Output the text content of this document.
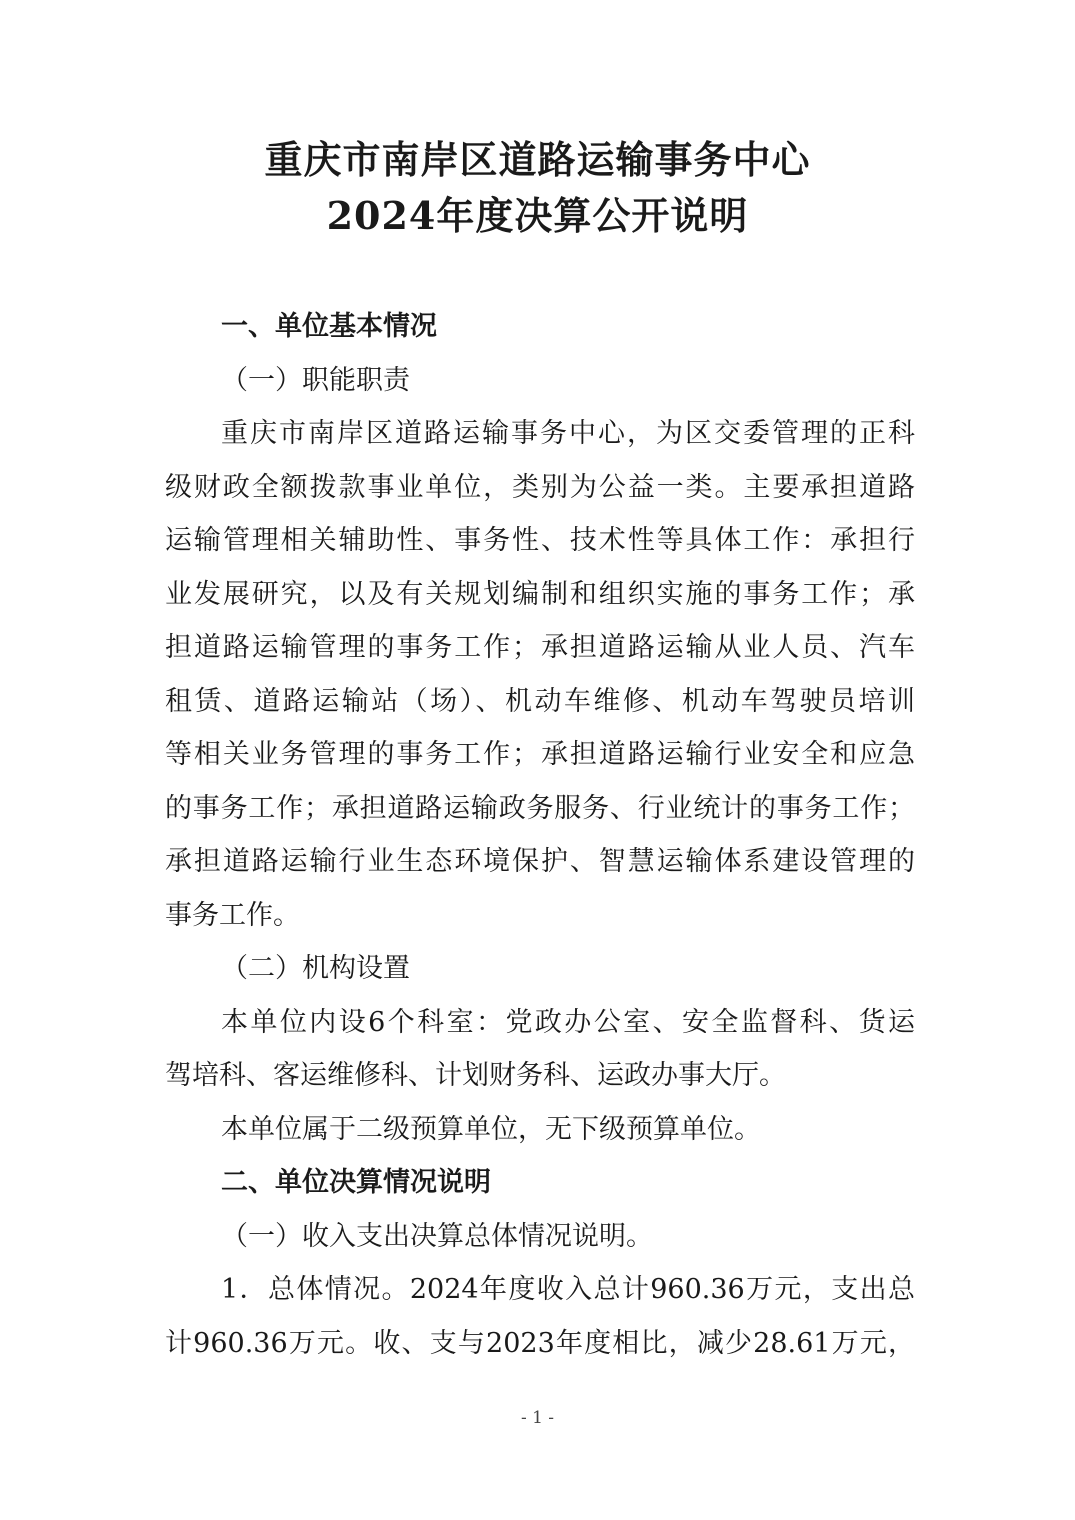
重庆市南岸区道路运输事务中心
2024年度决算公开说明
一、单位基本情况
（一）职能职责
重庆市南岸区道路运输事务中心，为区交委管理的正科
级财政全额拨款事业单位，类别为公益一类。主要承担道路
运输管理相关辅助性、事务性、技术性等具体工作：承担行
业发展研究，以及有关规划编制和组织实施的事务工作；承
担道路运输管理的事务工作；承担道路运输从业人员、汽车
租赁、道路运输站（场）、机动车维修、机动车驾驶员培训
等相关业务管理的事务工作；承担道路运输行业安全和应急
的事务工作；承担道路运输政务服务、行业统计的事务工作；
承担道路运输行业生态环境保护、智慧运输体系建设管理的
事务工作。
（二）机构设置
本单位内设6个科室：党政办公室、安全监督科、货运
驾培科、客运维修科、计划财务科、运政办事大厅。
本单位属于二级预算单位，无下级预算单位。
二、单位决算情况说明
（一）收入支出决算总体情况说明。
1．总体情况。2024年度收入总计960.36万元，支出总
计960.36万元。收、支与2023年度相比，减少28.61万元，
- 1 -
